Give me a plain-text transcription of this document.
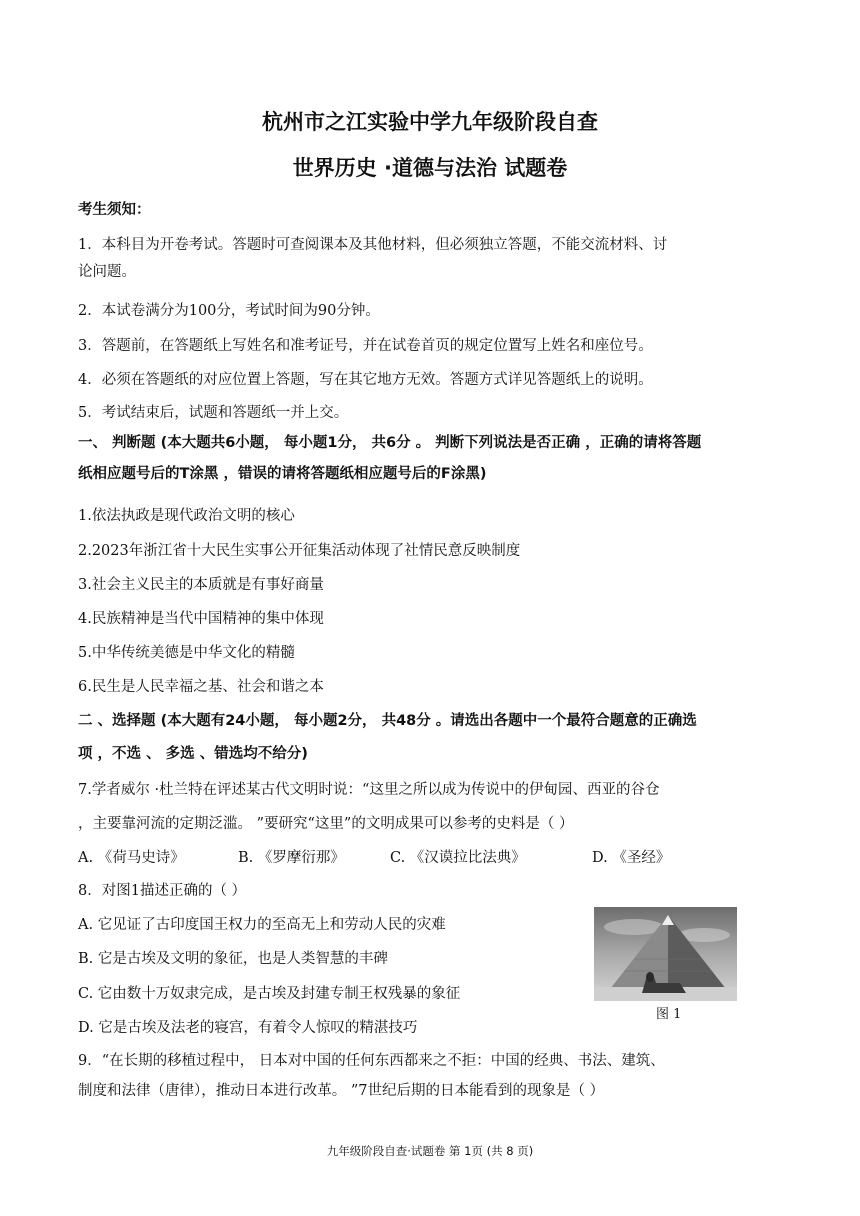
杭州市之江实验中学九年级阶段自查
世界历史 ·道德与法治 试题卷
考生须知：
1．本科目为开卷考试。答题时可查阅课本及其他材料，但必须独立答题，不能交流材料、讨
论问题。
2．本试卷满分为100分，考试时间为90分钟。
3．答题前，在答题纸上写姓名和准考证号，并在试卷首页的规定位置写上姓名和座位号。
4．必须在答题纸的对应位置上答题，写在其它地方无效。答题方式详见答题纸上的说明。
5．考试结束后，试题和答题纸一并上交。
一、 判断题 (本大题共6小题， 每小题1分， 共6分 。 判断下列说法是否正确 ，正确的请将答题
纸相应题号后的T涂黑 ，错误的请将答题纸相应题号后的F涂黑)
1.依法执政是现代政治文明的核心
2.2023年浙江省十大民生实事公开征集活动体现了社情民意反映制度
3.社会主义民主的本质就是有事好商量
4.民族精神是当代中国精神的集中体现
5.中华传统美德是中华文化的精髓
6.民生是人民幸福之基、社会和谐之本
二 、选择题 (本大题有24小题， 每小题2分， 共48分 。请选出各题中一个最符合题意的正确选
项 ，不选 、 多选 、错选均不给分)
7.学者威尔 ·杜兰特在评述某古代文明时说：“这里之所以成为传说中的伊甸园、西亚的谷仓
，主要靠河流的定期泛滥。 ”要研究“这里”的文明成果可以参考的史料是（ ）
A. 《荷马史诗》	B. 《罗摩衍那》	C. 《汉谟拉比法典》	D. 《圣经》
8．对图1描述正确的（ ）
A. 它见证了古印度国王权力的至高无上和劳动人民的灾难
B. 它是古埃及文明的象征，也是人类智慧的丰碑
C. 它由数十万奴隶完成，是古埃及封建专制王权残暴的象征
D. 它是古埃及法老的寝宫，有着令人惊叹的精湛技巧
图 1
9．“在长期的移植过程中， 日本对中国的任何东西都来之不拒：中国的经典、书法、建筑、
制度和法律（唐律），推动日本进行改革。 ”7世纪后期的日本能看到的现象是（ ）
九年级阶段自查·试题卷 第 1页 (共 8 页)
